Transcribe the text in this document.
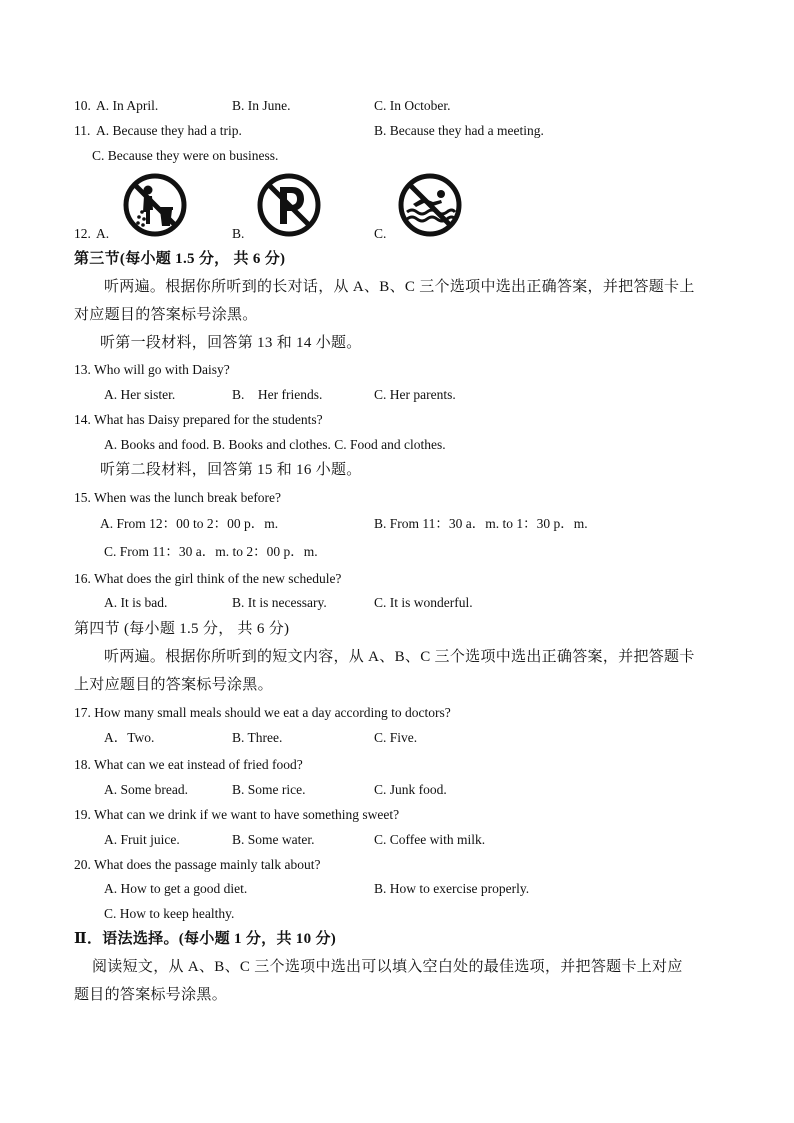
10. A. In April.	B. In June.	C. In October.
11. A. Because they had a trip.	B. Because they had a meeting.
C. Because they were on business.
12. A.	B.	C.
第三节(每小题 1.5 分， 共 6 分)
听两遍。根据你所听到的长对话，从 A、B、C 三个选项中选出正确答案，并把答题卡上
对应题目的答案标号涂黑。
听第一段材料，回答第 13 和 14 小题。
13. Who will go with Daisy?
A. Her sister.	B.    Her friends.	C. Her parents.
14. What has Daisy prepared for the students?
A. Books and food. B. Books and clothes. C. Food and clothes.
听第二段材料，回答第 15 和 16 小题。
15. When was the lunch break before?
A. From 12：00 to 2：00 p．m.	B. From 11：30 a．m. to 1：30 p．m.
C. From 11：30 a．m. to 2：00 p．m.
16. What does the girl think of the new schedule?
A. It is bad.	B. It is necessary.	C. It is wonderful.
第四节 (每小题 1.5 分， 共 6 分)
听两遍。根据你所听到的短文内容，从 A、B、C 三个选项中选出正确答案，并把答题卡
上对应题目的答案标号涂黑。
17. How many small meals should we eat a day according to doctors?
A．Two.	B. Three.	C. Five.
18. What can we eat instead of fried food?
A. Some bread.	B. Some rice.	C. Junk food.
19. What can we drink if we want to have something sweet?
A. Fruit juice.	B. Some water.	C. Coffee with milk.
20. What does the passage mainly talk about?
A. How to get a good diet.	B. How to exercise properly.
C. How to keep healthy.
Ⅱ．语法选择。(每小题 1 分，共 10 分)
阅读短文，从 A、B、C 三个选项中选出可以填入空白处的最佳选项，并把答题卡上对应
题目的答案标号涂黑。
